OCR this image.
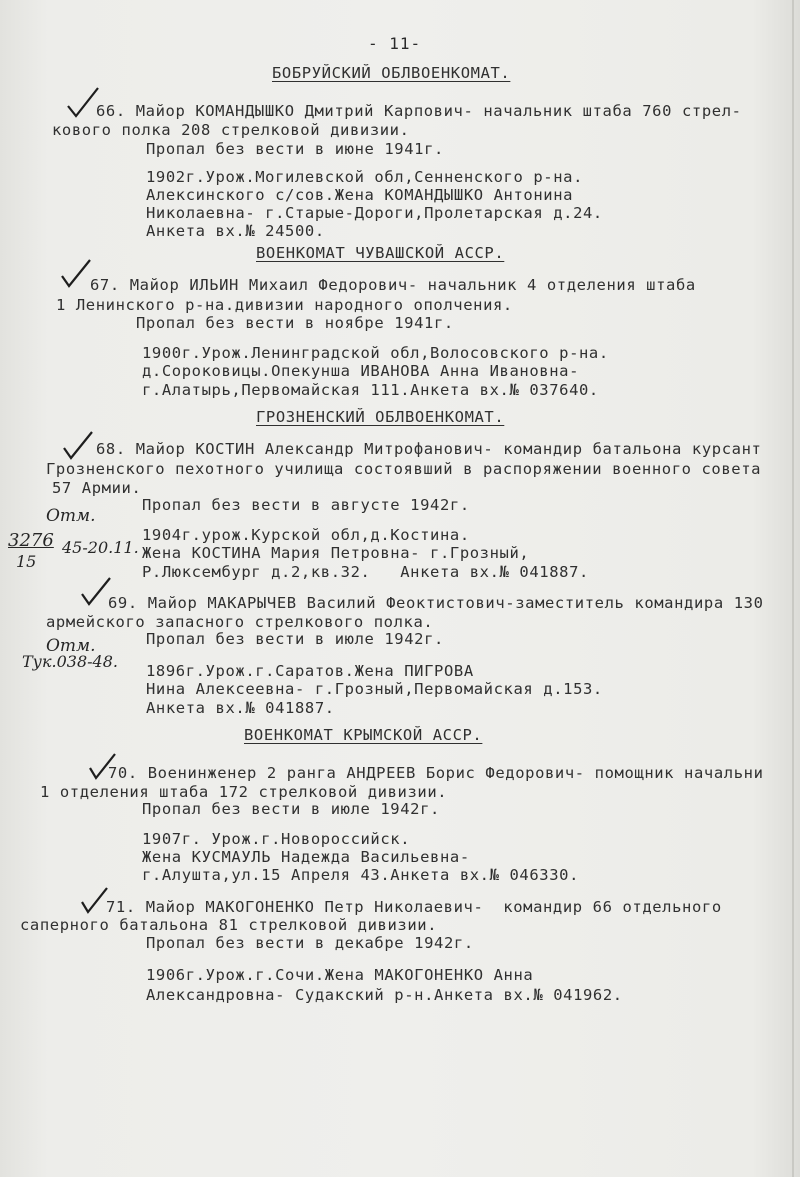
- 11-
БОБРУЙСКИЙ ОБЛВОЕНКОМАТ.
66. Майор КОМАНДЫШКО Дмитрий Карпович- начальник штаба 760 стрел-
кового полка 208 стрелковой дивизии.
Пропал без вести в июне 1941г.
1902г.Урож.Могилевской обл,Сенненского р-на.
Алексинского с/сов.Жена КОМАНДЫШКО Антонина
Николаевна- г.Старые-Дороги,Пролетарская д.24.
Анкета вх.№ 24500.
ВОЕНКОМАТ ЧУВАШСКОЙ АССР.
67. Майор ИЛЬИН Михаил Федорович- начальник 4 отделения штаба
1 Ленинского р-на.дивизии народного ополчения.
Пропал без вести в ноябре 1941г.
1900г.Урож.Ленинградской обл,Волосовского р-на.
д.Сороковицы.Опекунша ИВАНОВА Анна Ивановна-
г.Алатырь,Первомайская 111.Анкета вх.№ 037640.
ГРОЗНЕНСКИЙ ОБЛВОЕНКОМАТ.
68. Майор КОСТИН Александр Митрофанович- командир батальона курсант
Грозненского пехотного училища состоявший в распоряжении военного совета
57 Армии.
Пропал без вести в августе 1942г.
Отм.
3276 45-20.11.
15
1904г.урож.Курской обл,д.Костина.
Жена КОСТИНА Мария Петровна- г.Грозный,
Р.Люксембург д.2,кв.32.   Анкета вх.№ 041887.
69. Майор МАКАРЫЧЕВ Василий Феоктистович-заместитель командира 130
армейского запасного стрелкового полка.
Пропал без вести в июле 1942г.
Отм.
Тук.038-48. 1896г.Урож.г.Саратов.Жена ПИГРОВА
Нина Алексеевна- г.Грозный,Первомайская д.153.
Анкета вх.№ 041887.
ВОЕНКОМАТ КРЫМСКОЙ АССР.
70. Военинженер 2 ранга АНДРЕЕВ Борис Федорович- помощник начальни
1 отделения штаба 172 стрелковой дивизии.
Пропал без вести в июле 1942г.
1907г. Урож.г.Новороссийск.
Жена КУСМАУЛЬ Надежда Васильевна-
г.Алушта,ул.15 Апреля 43.Анкета вх.№ 046330.
71. Майор МАКОГОНЕНКО Петр Николаевич-  командир 66 отдельного
саперного батальона 81 стрелковой дивизии.
Пропал без вести в декабре 1942г.
1906г.Урож.г.Сочи.Жена МАКОГОНЕНКО Анна
Александровна- Судакский р-н.Анкета вх.№ 041962.
